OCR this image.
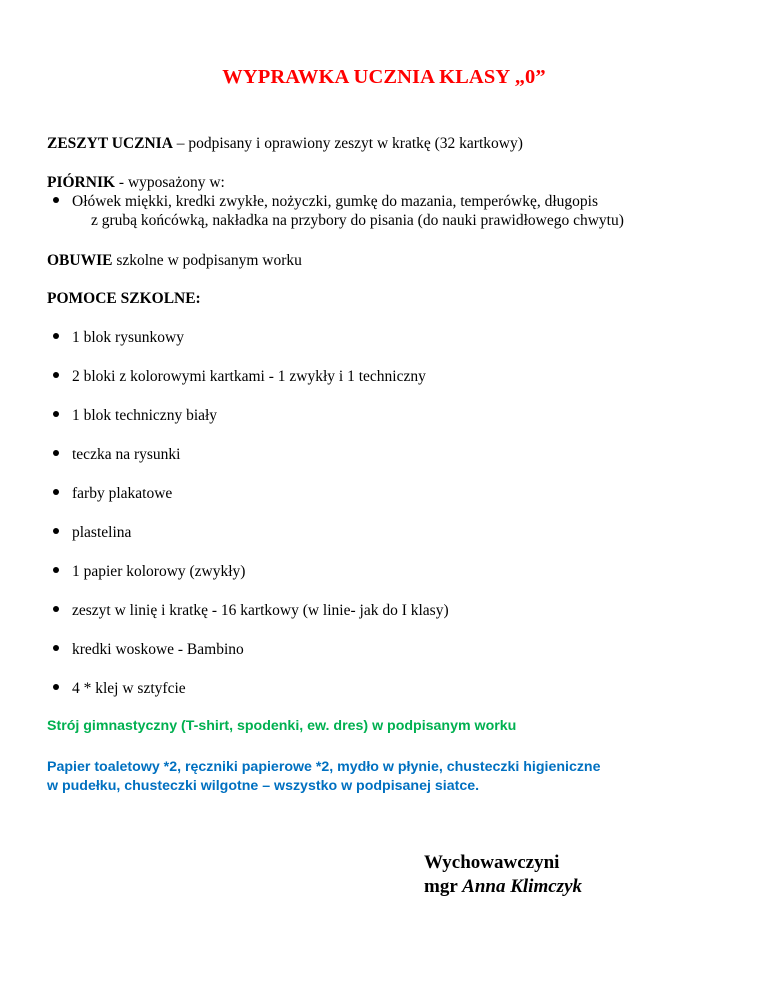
WYPRAWKA UCZNIA KLASY „0”
ZESZYT UCZNIA – podpisany i oprawiony zeszyt w kratkę (32 kartkowy)
PIÓRNIK - wyposażony w:
Ołówek miękki, kredki zwykłe, nożyczki, gumkę do mazania, temperówkę, długopis
z grubą końcówką, nakładka na przybory do pisania (do nauki prawidłowego chwytu)
OBUWIE szkolne w podpisanym worku
POMOCE SZKOLNE:
1 blok rysunkowy
2 bloki z kolorowymi kartkami - 1 zwykły i 1 techniczny
1 blok techniczny biały
teczka na rysunki
farby plakatowe
plastelina
1 papier kolorowy (zwykły)
zeszyt w linię i kratkę - 16 kartkowy (w linie- jak do I klasy)
kredki woskowe - Bambino
4 * klej w sztyfcie
Strój gimnastyczny (T-shirt, spodenki, ew. dres) w podpisanym worku
Papier toaletowy *2, ręczniki papierowe *2, mydło w płynie, chusteczki higieniczne
w pudełku, chusteczki wilgotne – wszystko w podpisanej siatce.
Wychowawczyni
mgr Anna Klimczyk
